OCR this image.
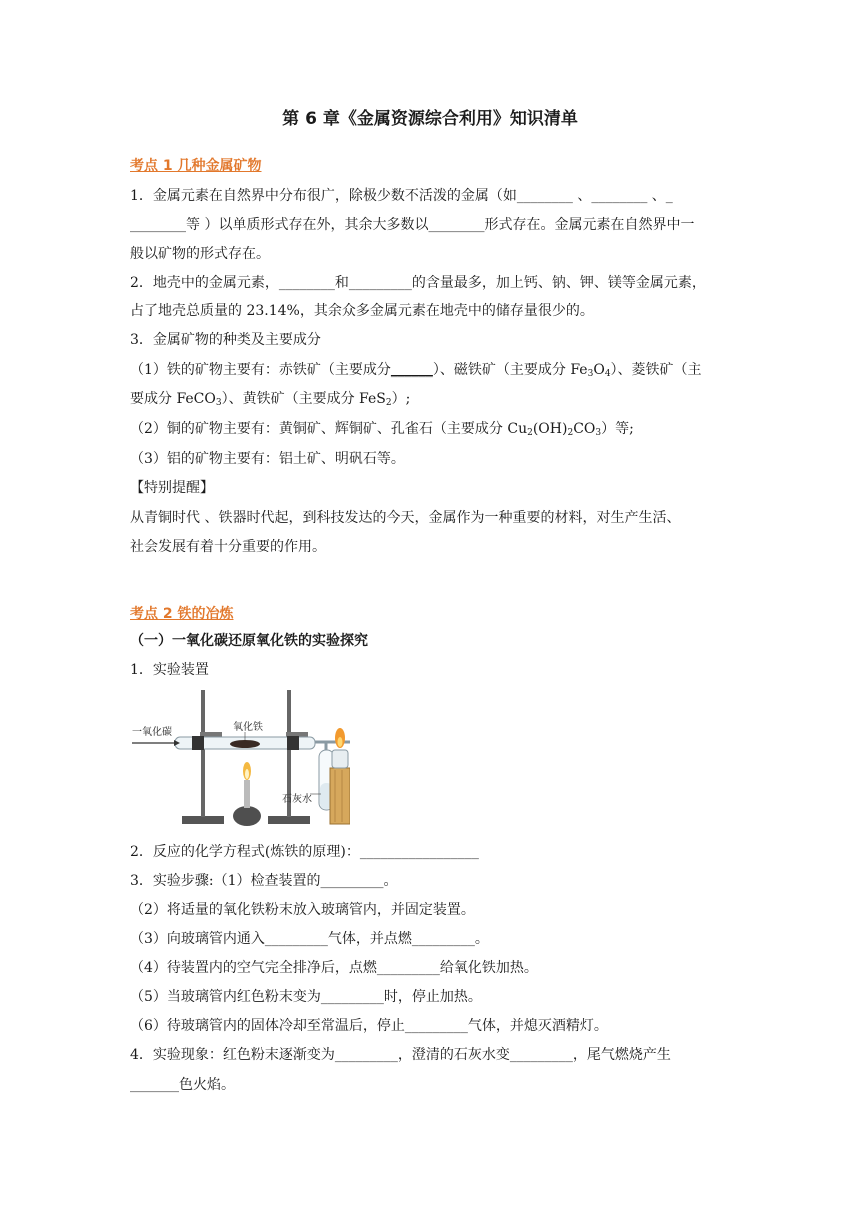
第 6 章《金属资源综合利用》知识清单
考点 1 几种金属矿物
1．金属元素在自然界中分布很广，除极少数不活泼的金属（如________ 、________ 、_
________等 ）以单质形式存在外，其余大多数以________形式存在。金属元素在自然界中一
般以矿物的形式存在。
2．地壳中的金属元素，________和_________的含量最多，加上钙、钠、钾、镁等金属元素，
占了地壳总质量的 23.14%，其余众多金属元素在地壳中的储存量很少的。
3．金属矿物的种类及主要成分
（1）铁的矿物主要有：赤铁矿（主要成分______）、磁铁矿（主要成分 $Fe_3O_4$）、菱铁矿（主
要成分 FeCO$_3$）、黄铁矿（主要成分 FeS$_2$）;
（2）铜的矿物主要有：黄铜矿、辉铜矿、孔雀石（主要成分 $Cu_2(OH)_2CO_3$）等;
（3）铝的矿物主要有：铝土矿、明矾石等。
【特别提醒】
从青铜时代 、铁器时代起，到科技发达的今天，金属作为一种重要的材料，对生产生活、
社会发展有着十分重要的作用。
考点 2 铁的冶炼
（一）一氧化碳还原氧化铁的实验探究
1．实验装置
一氧化碳	氧化铁
石灰水
2．反应的化学方程式(炼铁的原理)：_________________
3．实验步骤:（1）检查装置的_________。
（2）将适量的氧化铁粉末放入玻璃管内，并固定装置。
（3）向玻璃管内通入_________气体，并点燃_________。
（4）待装置内的空气完全排净后，点燃_________给氧化铁加热。
（5）当玻璃管内红色粉末变为_________时，停止加热。
（6）待玻璃管内的固体冷却至常温后，停止_________气体，并熄灭酒精灯。
4．实验现象：红色粉末逐渐变为_________，澄清的石灰水变_________，尾气燃烧产生
_______色火焰。
